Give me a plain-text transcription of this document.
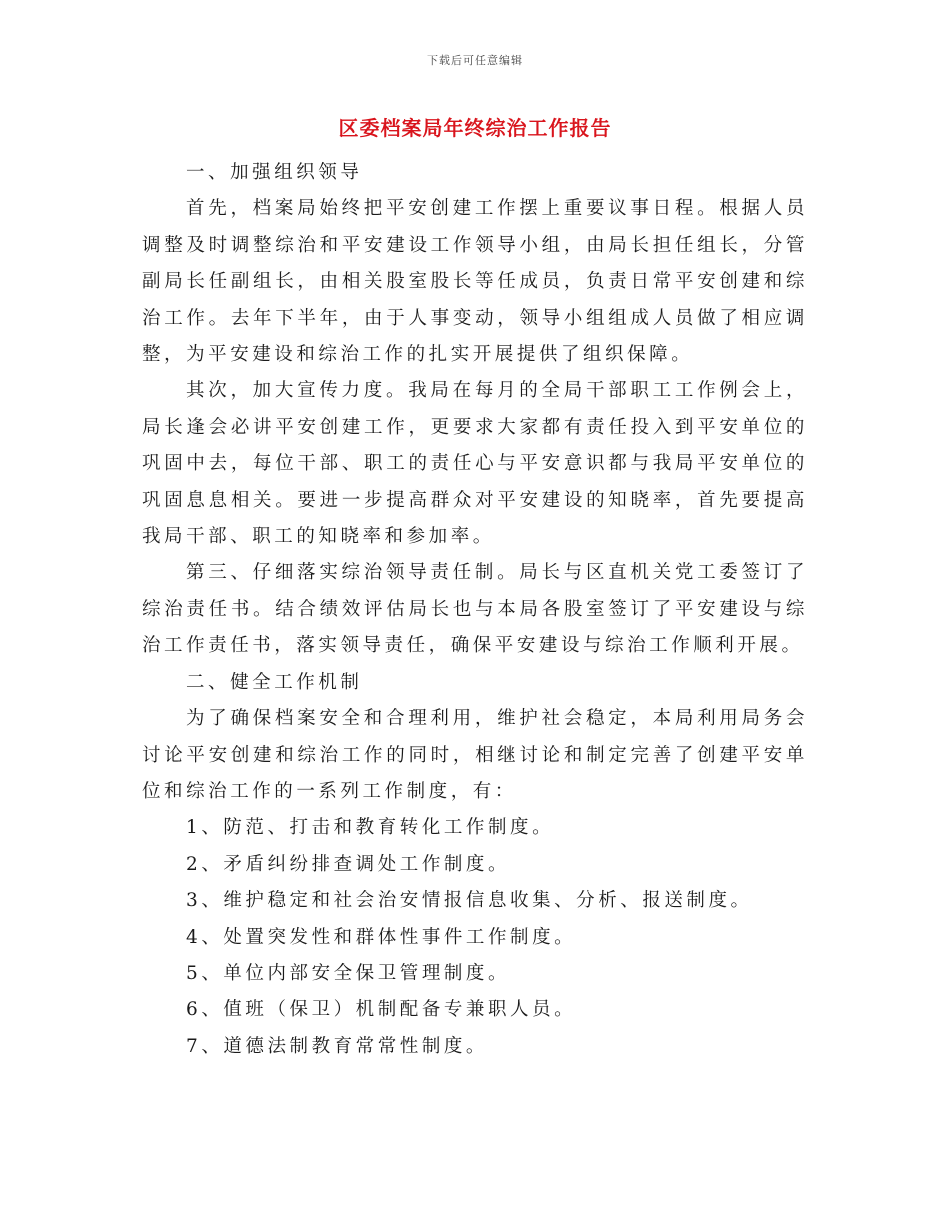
下载后可任意编辑
区委档案局年终综治工作报告

一、加强组织领导

首先，档案局始终把平安创建工作摆上重要议事日程。根据人员调整及时调整综治和平安建设工作领导小组，由局长担任组长，分管副局长任副组长，由相关股室股长等任成员，负责日常平安创建和综治工作。去年下半年，由于人事变动，领导小组组成人员做了相应调整，为平安建设和综治工作的扎实开展提供了组织保障。

其次，加大宣传力度。我局在每月的全局干部职工工作例会上，局长逢会必讲平安创建工作，更要求大家都有责任投入到平安单位的巩固中去，每位干部、职工的责任心与平安意识都与我局平安单位的巩固息息相关。要进一步提高群众对平安建设的知晓率，首先要提高我局干部、职工的知晓率和参加率。

第三、仔细落实综治领导责任制。局长与区直机关党工委签订了综治责任书。结合绩效评估局长也与本局各股室签订了平安建设与综治工作责任书，落实领导责任，确保平安建设与综治工作顺利开展。

二、健全工作机制

为了确保档案安全和合理利用，维护社会稳定，本局利用局务会讨论平安创建和综治工作的同时，相继讨论和制定完善了创建平安单位和综治工作的一系列工作制度，有：

1、防范、打击和教育转化工作制度。

2、矛盾纠纷排查调处工作制度。

3、维护稳定和社会治安情报信息收集、分析、报送制度。

4、处置突发性和群体性事件工作制度。

5、单位内部安全保卫管理制度。

6、值班（保卫）机制配备专兼职人员。

7、道德法制教育常常性制度。
